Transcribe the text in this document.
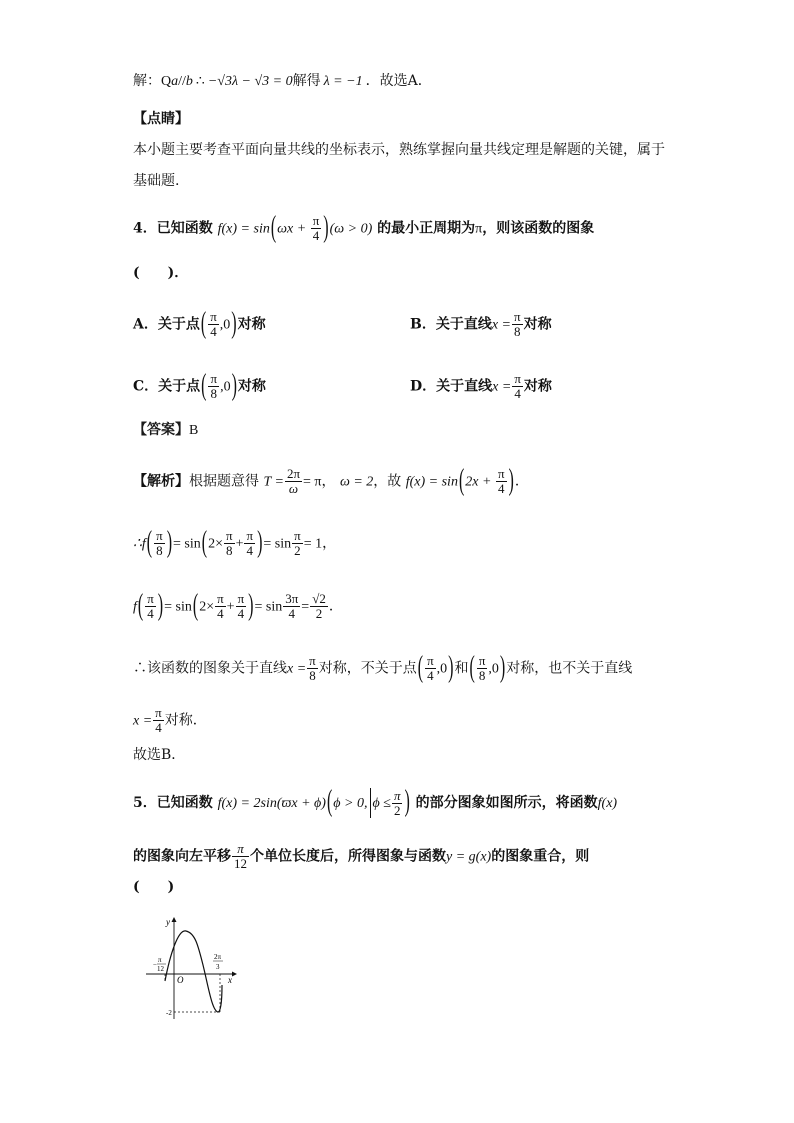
解：Qa//b ∴ −√3λ − √3 = 0解得 λ = −1 ．故选A．
【点睛】
本小题主要考查平面向量共线的坐标表示，熟练掌握向量共线定理是解题的关键，属于
基础题.
4．已知函数 $f(x) = \sin(\omega x + \frac{\pi}{4} )(\omega > 0)$ 的最小正周期为π，则该函数的图象
(　　)．
A．关于点( $\frac{\pi}{4} ,0$)对称	B．关于直线$x = \frac{\pi}{8}$ 对称
C．关于点( $\frac{\pi}{8} ,0$)对称	D．关于直线$x = \frac{\pi}{4}$ 对称
【答案】B
【解析】根据题意得 $T = \frac{2\pi}{\omega} = \pi$， ω = 2，故 $f(x) = \sin(2x + \frac{\pi}{4}$ )．
∴f( $\frac{\pi}{8}$ )= $\sin(2\times \frac{\pi}{8} + \frac{\pi}{4}$ )= $\sin \frac{\pi}{2} = 1$，
$f( \frac{\pi}{4}$ )= $\sin(2\times \frac{\pi}{4} + \frac{\pi}{4}$ )= $\sin \frac{3\pi}{4} = \frac{√2}{2}$ ．
∴该函数的图象关于直线$x = \frac{\pi}{8}$ 对称，不关于点( $\frac{\pi}{4} ,0$)和( $\frac{\pi}{8} ,0$)对称，也不关于直线
$x = \frac{\pi}{4}$ 对称．
故选B．
5．已知函数 f(x) = 2sin(ϖx + ϕ)(ϕ > 0, $\phi \le \frac{\pi}{2}$ ) 的部分图象如图所示，将函数f(x)
的图象向左平移 $\frac{\pi}{12}$ 个单位长度后，所得图象与函数y = g(x)的图象重合，则
(　　)
y
x
O
−
π
12
2π
3
-2
